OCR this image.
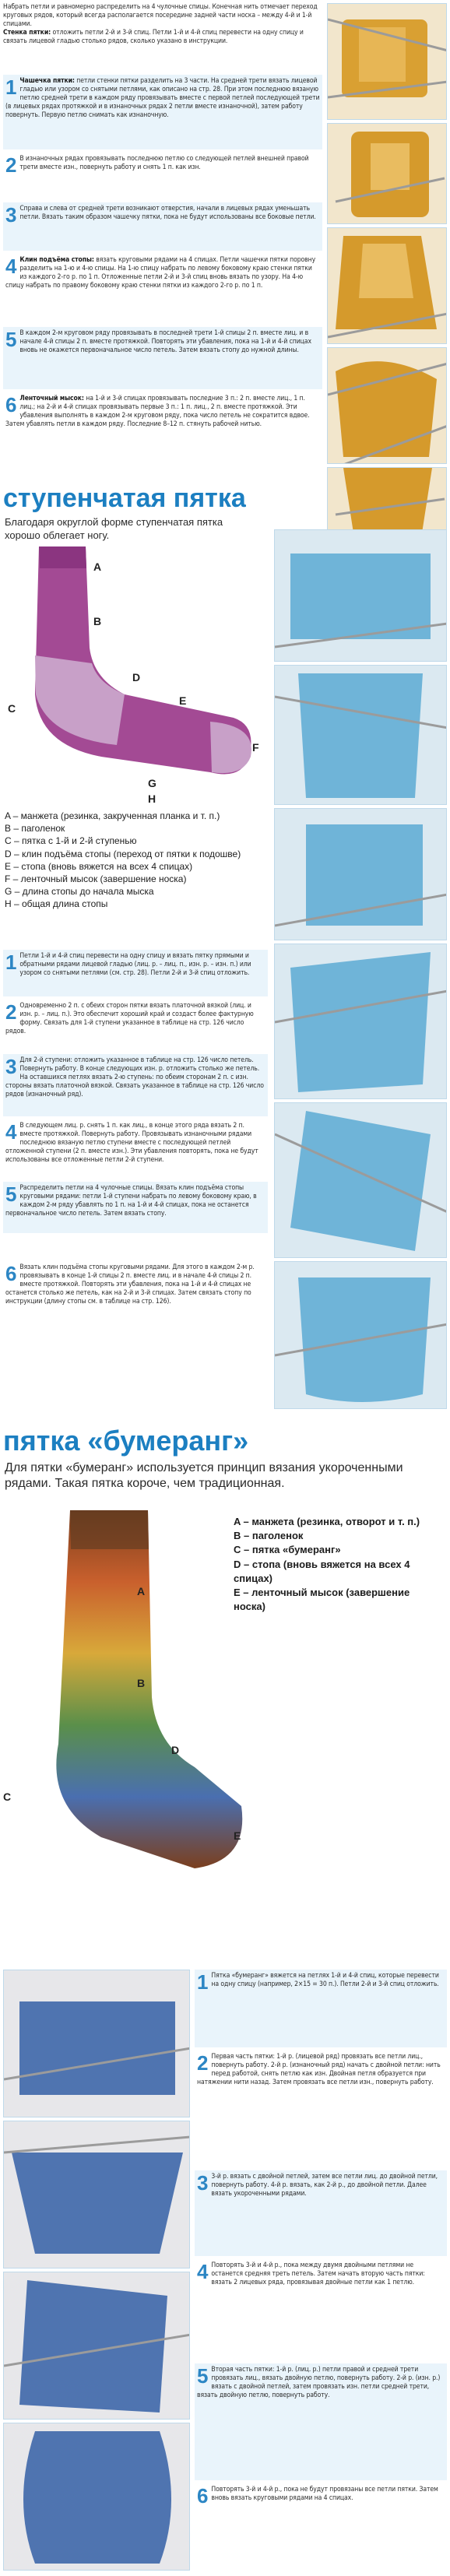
Набрать петли и равномерно распределить на 4 чулочные спицы. Конечная нить отмечает переход круговых рядов, который всегда располагается посередине задней части носка – между 4-й и 1-й спицами.
Стенка пятки: отложить петли 2-й и 3-й спиц. Петли 1-й и 4-й спиц перевести на одну спицу и связать лицевой гладью столько рядов, сколько указано в инструкции.
1 Чашечка пятки: петли стенки пятки разделить на 3 части. На средней трети вязать лицевой гладью или узором со снятыми петлями, как описано на стр. 28. При этом последнюю вязаную петлю средней трети в каждом ряду провязывать вместе с первой петлей последующей трети (в лицевых рядах протяжкой и в изнаночных рядах 2 петли вместе изнаночной), затем работу повернуть. Первую петлю снимать как изнаночную.
2 В изнаночных рядах провязывать последнюю петлю со следующей петлей внешней правой трети вместе изн., повернуть работу и снять 1 п. как изн.
3 Справа и слева от средней трети возникают отверстия, начали в лицевых рядах уменьшать петли. Вязать таким образом чашечку пятки, пока не будут использованы все боковые петли.
4 Клин подъёма стопы: вязать круговыми рядами на 4 спицах. Петли чашечки пятки поровну разделить на 1-ю и 4-ю спицы. На 1-ю спицу набрать по левому боковому краю стенки пятки из каждого 2-го р. по 1 п. Отложенные петли 2-й и 3-й спиц вновь вязать по узору. На 4-ю спицу набрать по правому боковому краю стенки пятки из каждого 2-го р. по 1 п.
5 В каждом 2-м круговом ряду провязывать в последней трети 1-й спицы 2 п. вместе лиц. и в начале 4-й спицы 2 п. вместе протяжкой. Повторять эти убавления, пока на 1-й и 4-й спицах вновь не окажется первоначальное число петель. Затем вязать стопу до нужной длины.
6 Ленточный мысок: на 1-й и 3-й спицах провязывать последние 3 п.: 2 п. вместе лиц., 1 п. лиц.; на 2-й и 4-й спицах провязывать первые 3 п.: 1 п. лиц., 2 п. вместе протяжкой. Эти убавления выполнять в каждом 2-м круговом ряду, пока число петель не сократится вдвое. Затем убавлять петли в каждом ряду. Последние 8–12 п. стянуть рабочей нитью.
ступенчатая пятка
Благодаря округлой форме ступенчатая пятка хорошо облегает ногу.
A
B
C
D
E
F
G
H
A – манжета (резинка, закрученная планка и т. п.)
B – паголенок
C – пятка с 1-й и 2-й ступенью
D – клин подъёма стопы (переход от пятки к подошве)
E – стопа (вновь вяжется на всех 4 спицах)
F – ленточный мысок (завершение носка)
G – длина стопы до начала мыска
H – общая длина стопы
1 Петли 1-й и 4-й спиц перевести на одну спицу и вязать пятку прямыми и обратными рядами лицевой гладью (лиц. р. – лиц. п., изн. р. – изн. п.) или узором со снятыми петлями (см. стр. 28). Петли 2-й и 3-й спиц отложить.
2 Одновременно 2 п. с обеих сторон пятки вязать платочной вязкой (лиц. и изн. р. – лиц. п.). Это обеспечит хороший край и создаст более фактурную форму. Связать для 1-й ступени указанное в таблице на стр. 126 число рядов.
3 Для 2-й ступени: отложить указанное в таблице на стр. 126 число петель. Повернуть работу. В конце следующих изн. р. отложить столько же петель. На оставшихся петлях вязать 2-ю ступень: по обеим сторонам 2 п. с изн. стороны вязать платочной вязкой. Связать указанное в таблице на стр. 126 число рядов (изнаночный ряд).
4 В следующем лиц. р. снять 1 п. как лиц., в конце этого ряда вязать 2 п. вместе протяжкой. Повернуть работу. Провязывать изнаночными рядами последнюю вязаную петлю ступени вместе с последующей петлей отложенной ступени (2 п. вместе изн.). Эти убавления повторять, пока не будут использованы все отложенные петли 2-й ступени.
5 Распределить петли на 4 чулочные спицы. Вязать клин подъёма стопы круговыми рядами: петли 1-й ступени набрать по левому боковому краю, в каждом 2-м ряду убавлять по 1 п. на 1-й и 4-й спицах, пока не останется первоначальное число петель. Затем вязать стопу.
6 Вязать клин подъёма стопы круговыми рядами. Для этого в каждом 2-м р. провязывать в конце 1-й спицы 2 п. вместе лиц. и в начале 4-й спицы 2 п. вместе протяжкой. Повторять эти убавления, пока на 1-й и 4-й спицах не останется столько же петель, как на 2-й и 3-й спицах. Затем связать стопу по инструкции (длину стопы см. в таблице на стр. 126).
пятка «бумеранг»
Для пятки «бумеранг» используется принцип вязания укороченными рядами. Такая пятка короче, чем традиционная.
A – манжета (резинка, отворот и т. п.)
B – паголенок
C – пятка «бумеранг»
D – стопа (вновь вяжется на всех 4 спицах)
E – ленточный мысок (завершение носка)
A
B
C
D
E
1 Пятка «бумеранг» вяжется на петлях 1-й и 4-й спиц, которые перевести на одну спицу (например, 2×15 = 30 п.). Петли 2-й и 3-й спиц отложить.
2 Первая часть пятки: 1-й р. (лицевой ряд) провязать все петли лиц., повернуть работу. 2-й р. (изнаночный ряд) начать с двойной петли: нить перед работой, снять петлю как изн. Двойная петля образуется при натяжении нити назад. Затем провязать все петли изн., повернуть работу.
3 3-й р. вязать с двойной петлей, затем все петли лиц. до двойной петли, повернуть работу. 4-й р. вязать, как 2-й р., до двойной петли. Далее вязать укороченными рядами.
4 Повторять 3-й и 4-й р., пока между двумя двойными петлями не останется средняя треть петель. Затем начать вторую часть пятки: вязать 2 лицевых ряда, провязывая двойные петли как 1 петлю.
5 Вторая часть пятки: 1-й р. (лиц. р.) петли правой и средней трети провязать лиц., вязать двойную петлю, повернуть работу. 2-й р. (изн. р.) вязать с двойной петлей, затем провязать изн. петли средней трети, вязать двойную петлю, повернуть работу.
6 Повторять 3-й и 4-й р., пока не будут провязаны все петли пятки. Затем вновь вязать круговыми рядами на 4 спицах.
